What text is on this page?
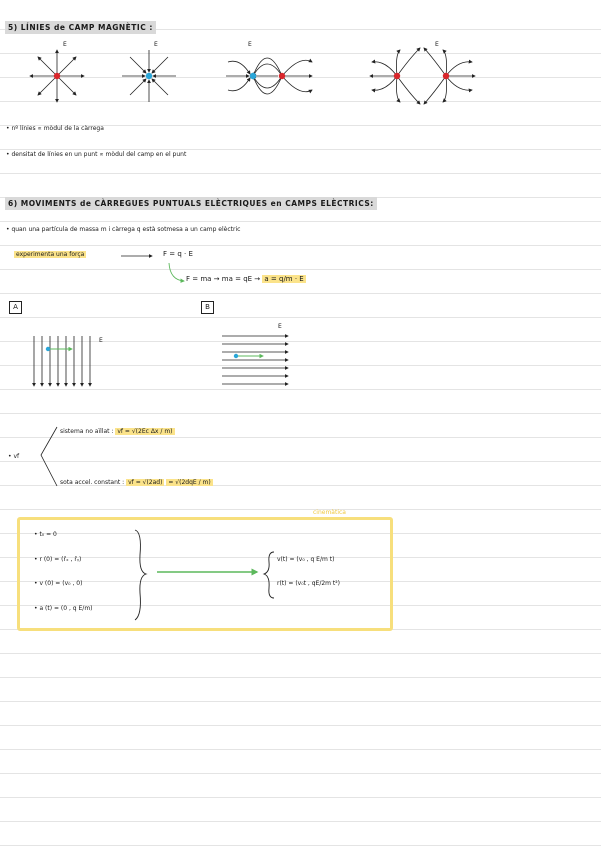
5) LÍNIES de CAMP MAGNÈTIC :
E	E	E	E
• nº línies ∝ mòdul de la càrrega
• densitat de línies en un punt ∝ mòdul del camp en el punt
6) MOVIMENTS de CÀRREGUES PUNTUALS ELÈCTRIQUES en CAMPS ELÈCTRICS:
• quan una partícula de massa m i càrrega q està sotmesa a un camp elèctric
experimenta una força	F = q · E
F = ma → ma = qE → a = q/m · E
A	B
E
E
• vf
sistema no aïllat : vf = √(2Ec Δx / m)
sota accel. constant : vf = √(2ad) = √(2dqE / m)
cinemàtica
• t₀ = 0
• r (0) = (r̄ₓ , r̄ᵧ)
• v (0) = (v₀ , 0)
• a (t) = (0 , q E/m)
v(t) = (v₀ , q E/m t)
r(t) = (v₀t , qE/2m t²)
